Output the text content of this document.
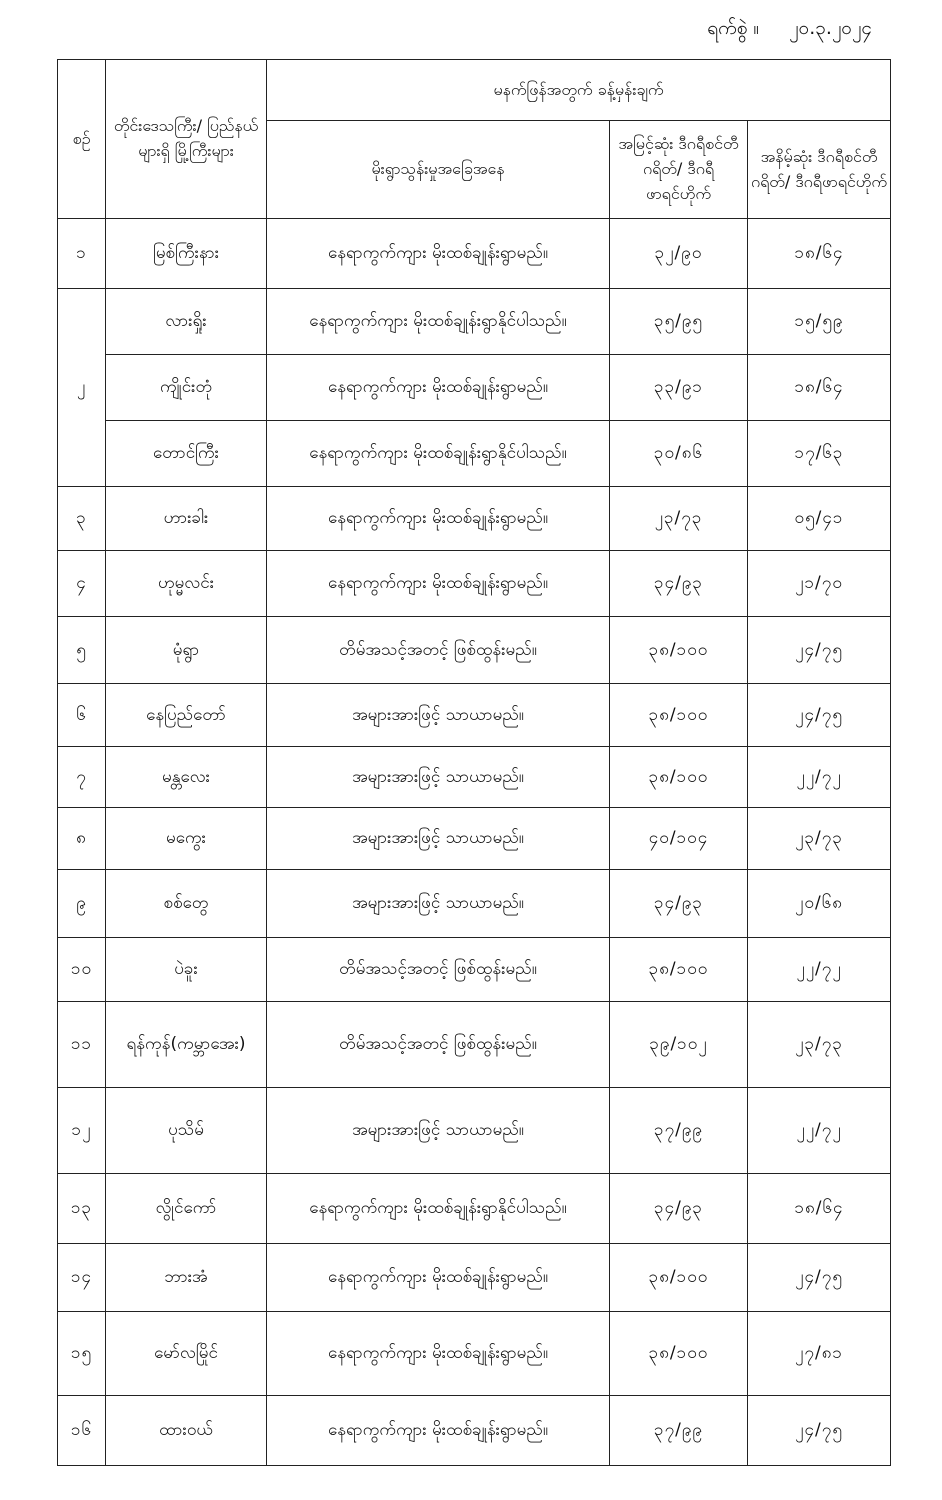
ရက်စွဲ ။ ၂၀.၃.၂၀၂၄
စဉ်	တိုင်းဒေသကြီး/ ပြည်နယ်များရှိ မြို့ကြီးများ	မနက်ဖြန်အတွက် ခန့်မှန်းချက်		
		မိုးရွာသွန်းမှုအခြေအနေ	အမြင့်ဆုံး ဒီဂရီစင်တီဂရိတ်/ ဒီဂရီဖာရင်ဟိုက်	အနိမ့်ဆုံး ဒီဂရီစင်တီဂရိတ်/ ဒီဂရီဖာရင်ဟိုက်
၁	မြစ်ကြီးနား	နေရာကွက်ကျား မိုးထစ်ချုန်းရွာမည်။	၃၂/၉၀	၁၈/၆၄
၂	လားရှိုး	နေရာကွက်ကျား မိုးထစ်ချုန်းရွာနိုင်ပါသည်။	၃၅/၉၅	၁၅/၅၉
	ကျိုင်းတုံ	နေရာကွက်ကျား မိုးထစ်ချုန်းရွာမည်။	၃၃/၉၁	၁၈/၆၄
	တောင်ကြီး	နေရာကွက်ကျား မိုးထစ်ချုန်းရွာနိုင်ပါသည်။	၃၀/၈၆	၁၇/၆၃
၃	ဟားခါး	နေရာကွက်ကျား မိုးထစ်ချုန်းရွာမည်။	၂၃/၇၃	၀၅/၄၁
၄	ဟုမ္မလင်း	နေရာကွက်ကျား မိုးထစ်ချုန်းရွာမည်။	၃၄/၉၃	၂၁/၇၀
၅	မုံရွာ	တိမ်အသင့်အတင့် ဖြစ်ထွန်းမည်။	၃၈/၁၀၀	၂၄/၇၅
၆	နေပြည်တော်	အများအားဖြင့် သာယာမည်။	၃၈/၁၀၀	၂၄/၇၅
၇	မန္တလေး	အများအားဖြင့် သာယာမည်။	၃၈/၁၀၀	၂၂/၇၂
၈	မကွေး	အများအားဖြင့် သာယာမည်။	၄၀/၁၀၄	၂၃/၇၃
၉	စစ်တွေ	အများအားဖြင့် သာယာမည်။	၃၄/၉၃	၂၀/၆၈
၁၀	ပဲခူး	တိမ်အသင့်အတင့် ဖြစ်ထွန်းမည်။	၃၈/၁၀၀	၂၂/၇၂
၁၁	ရန်ကုန်(ကမ္ဘာအေး)	တိမ်အသင့်အတင့် ဖြစ်ထွန်းမည်။	၃၉/၁၀၂	၂၃/၇၃
၁၂	ပုသိမ်	အများအားဖြင့် သာယာမည်။	၃၇/၉၉	၂၂/၇၂
၁၃	လွိုင်ကော်	နေရာကွက်ကျား မိုးထစ်ချုန်းရွာနိုင်ပါသည်။	၃၄/၉၃	၁၈/၆၄
၁၄	ဘားအံ	နေရာကွက်ကျား မိုးထစ်ချုန်းရွာမည်။	၃၈/၁၀၀	၂၄/၇၅
၁၅	မော်လမြိုင်	နေရာကွက်ကျား မိုးထစ်ချုန်းရွာမည်။	၃၈/၁၀၀	၂၇/၈၁
၁၆	ထားဝယ်	နေရာကွက်ကျား မိုးထစ်ချုန်းရွာမည်။	၃၇/၉၉	၂၄/၇၅
